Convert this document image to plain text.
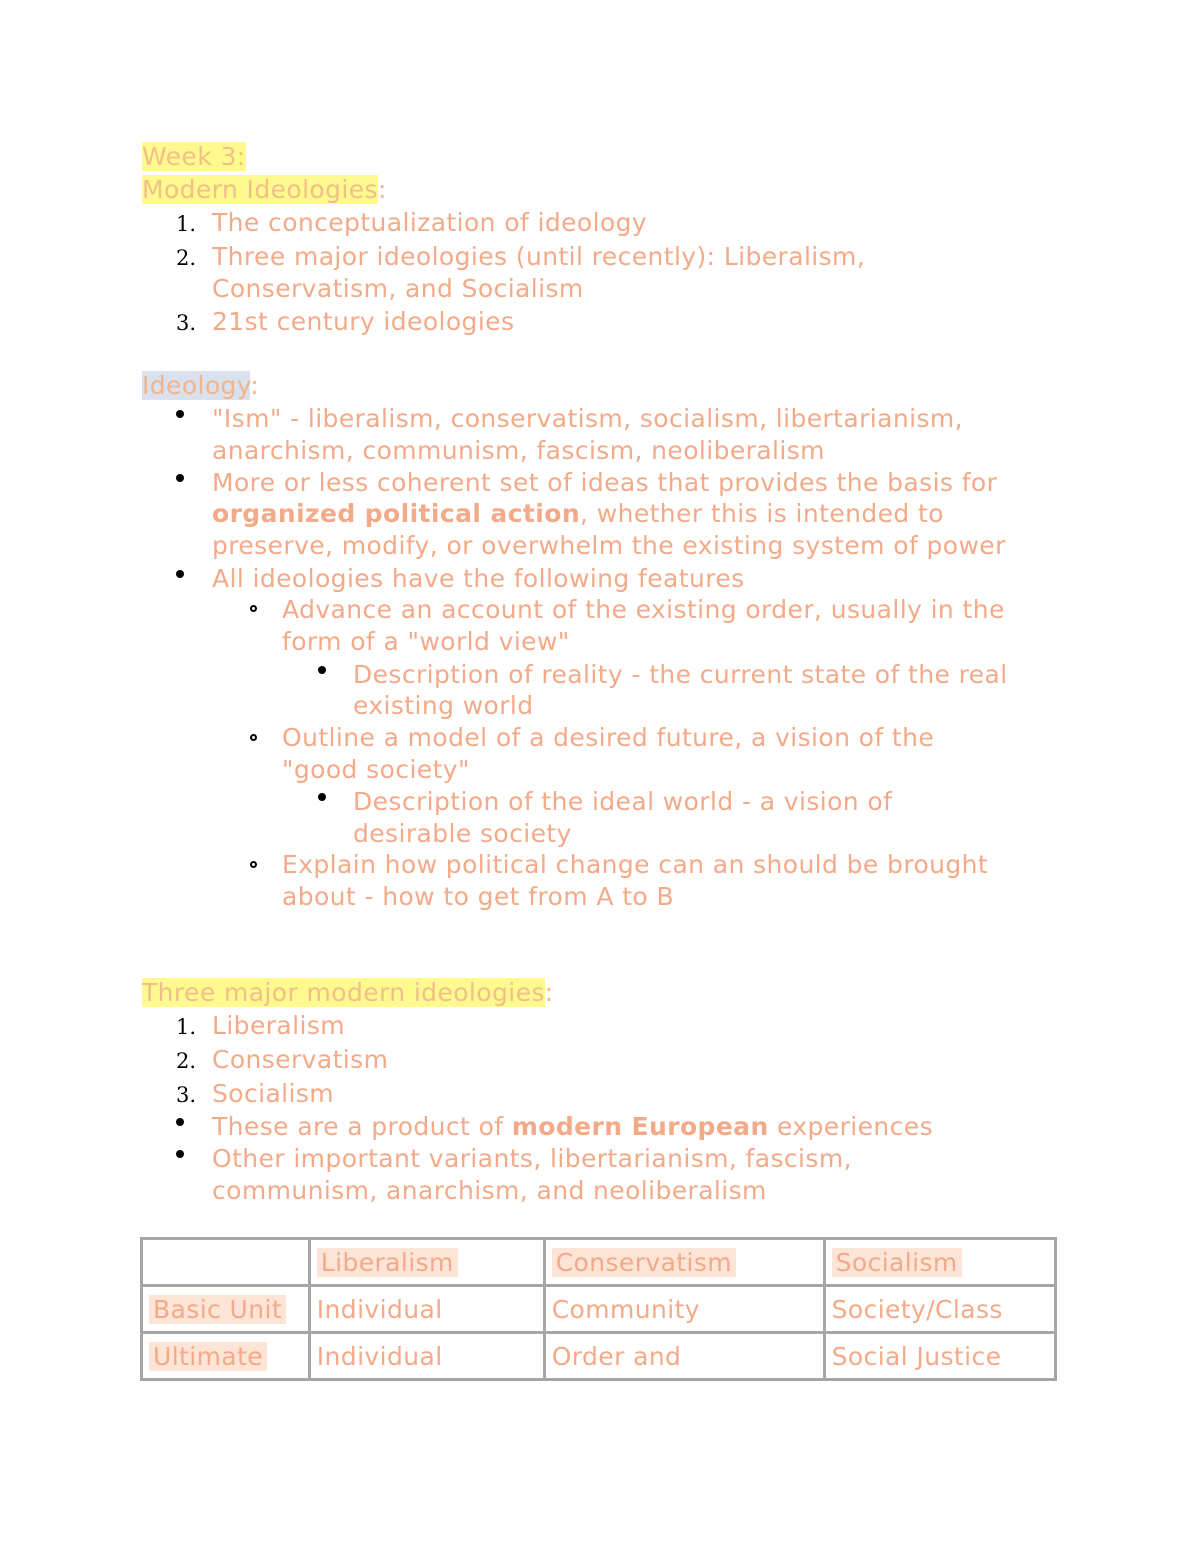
Week 3:
Modern Ideologies:
1. The conceptualization of ideology
2. Three major ideologies (until recently): Liberalism,
Conservatism, and Socialism
3. 21st century ideologies
Ideology:
"Ism" - liberalism, conservatism, socialism, libertarianism,
anarchism, communism, fascism, neoliberalism
More or less coherent set of ideas that provides the basis for
organized political action, whether this is intended to
preserve, modify, or overwhelm the existing system of power
All ideologies have the following features
Advance an account of the existing order, usually in the
form of a "world view"
Description of reality - the current state of the real
existing world
Outline a model of a desired future, a vision of the
"good society"
Description of the ideal world - a vision of
desirable society
Explain how political change can an should be brought
about - how to get from A to B
Three major modern ideologies:
1. Liberalism
2. Conservatism
3. Socialism
These are a product of modern European experiences
Other important variants, libertarianism, fascism,
communism, anarchism, and neoliberalism
	Liberalism	Conservatism	Socialism
Basic Unit	Individual	Community	Society/Class
Ultimate	Individual	Order and	Social Justice
